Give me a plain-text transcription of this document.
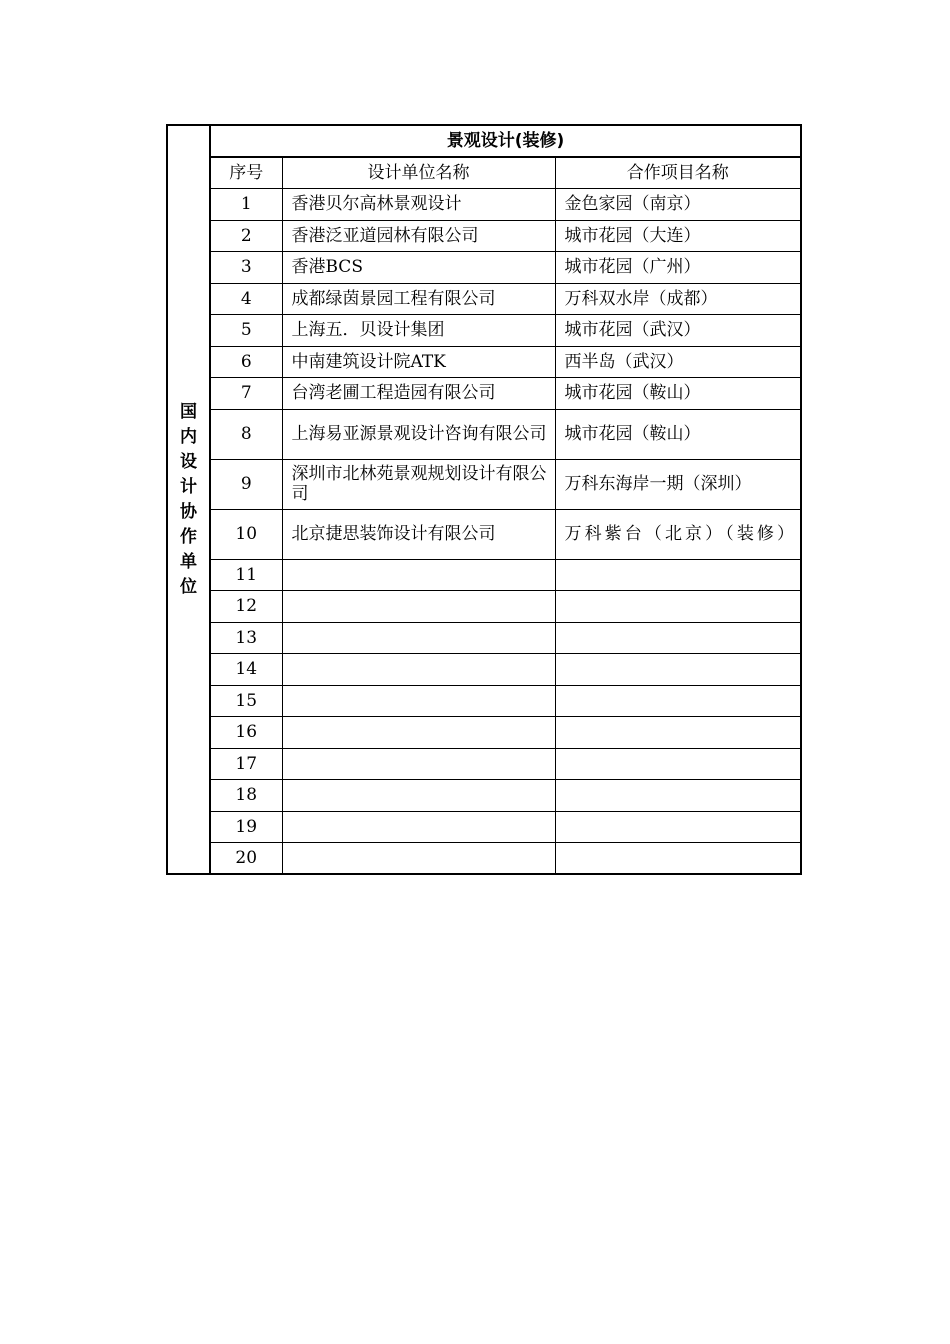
国内设计协作单位	景观设计(装修)		
	序号	设计单位名称	合作项目名称
	1	香港贝尔高林景观设计	金色家园（南京）
	2	香港泛亚道园林有限公司	城市花园（大连）
	3	香港BCS	城市花园（广州）
	4	成都绿茵景园工程有限公司	万科双水岸（成都）
	5	上海五．贝设计集团	城市花园（武汉）
	6	中南建筑设计院ATK	西半岛（武汉）
	7	台湾老圃工程造园有限公司	城市花园（鞍山）
	8	上海易亚源景观设计咨询有限公司	城市花园（鞍山）
	9	深圳市北林苑景观规划设计有限公司	万科东海岸一期（深圳）
	10	北京捷思装饰设计有限公司	万科紫台（北京）（装修）
	11		
	12		
	13		
	14		
	15		
	16		
	17		
	18		
	19		
	20		
